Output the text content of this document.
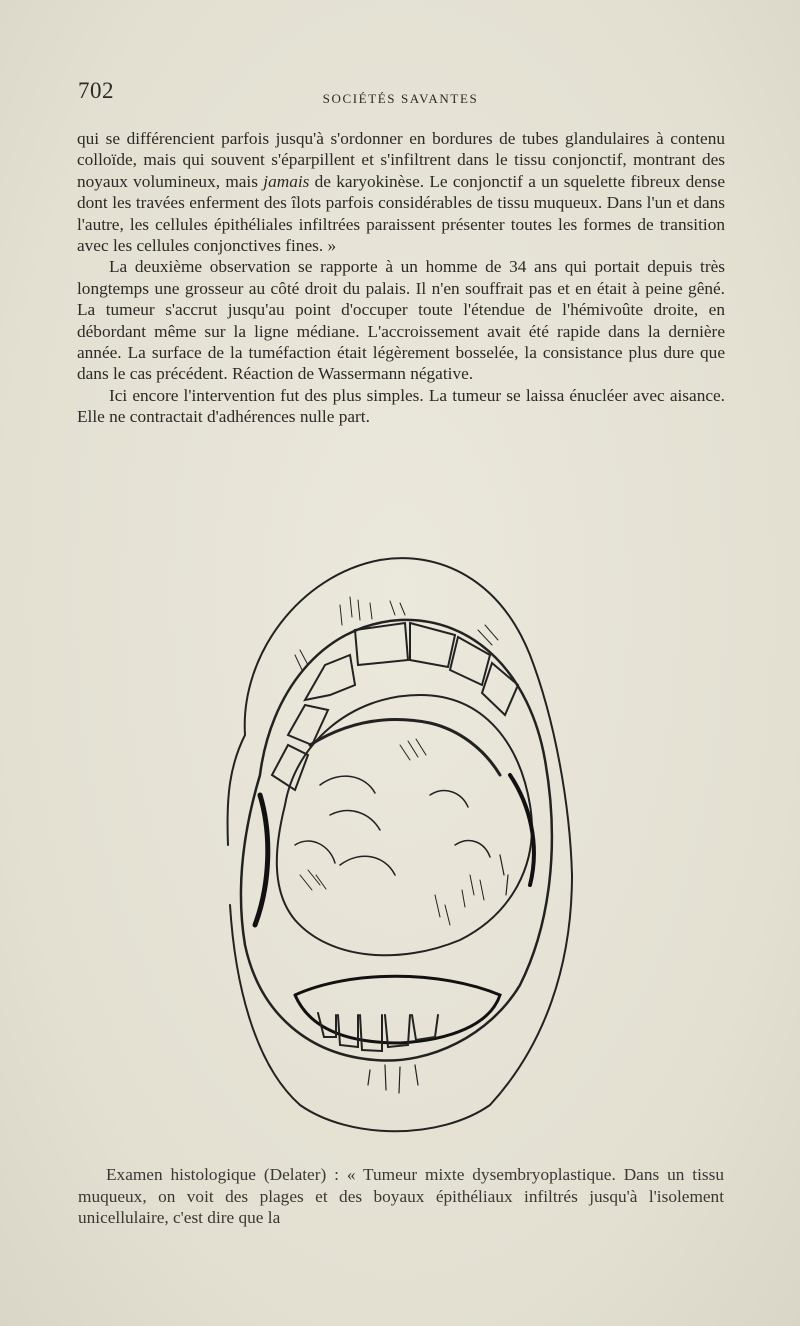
702	SOCIÉTÉS SAVANTES

qui se différencient parfois jusqu'à s'ordonner en bordures de tubes glandulaires à contenu colloïde, mais qui souvent s'éparpillent et s'infiltrent dans le tissu conjonctif, montrant des noyaux volumineux, mais jamais de karyokinèse. Le conjonctif a un squelette fibreux dense dont les travées enferment des îlots parfois considérables de tissu muqueux. Dans l'un et dans l'autre, les cellules épithéliales infiltrées paraissent présenter toutes les formes de transition avec les cellules conjonctives fines. »

La deuxième observation se rapporte à un homme de 34 ans qui portait depuis très longtemps une grosseur au côté droit du palais. Il n'en souffrait pas et en était à peine gêné. La tumeur s'accrut jusqu'au point d'occuper toute l'étendue de l'hémivoûte droite, en débordant même sur la ligne médiane. L'accroissement avait été rapide dans la dernière année. La surface de la tuméfaction était légèrement bosselée, la consistance plus dure que dans le cas précédent. Réaction de Wassermann négative.

Ici encore l'intervention fut des plus simples. La tumeur se laissa énucléer avec aisance. Elle ne contractait d'adhérences nulle part.

Examen histologique (Delater) : « Tumeur mixte dysembryoplastique. Dans un tissu muqueux, on voit des plages et des boyaux épithéliaux infiltrés jusqu'à l'isolement unicellulaire, c'est dire que la
